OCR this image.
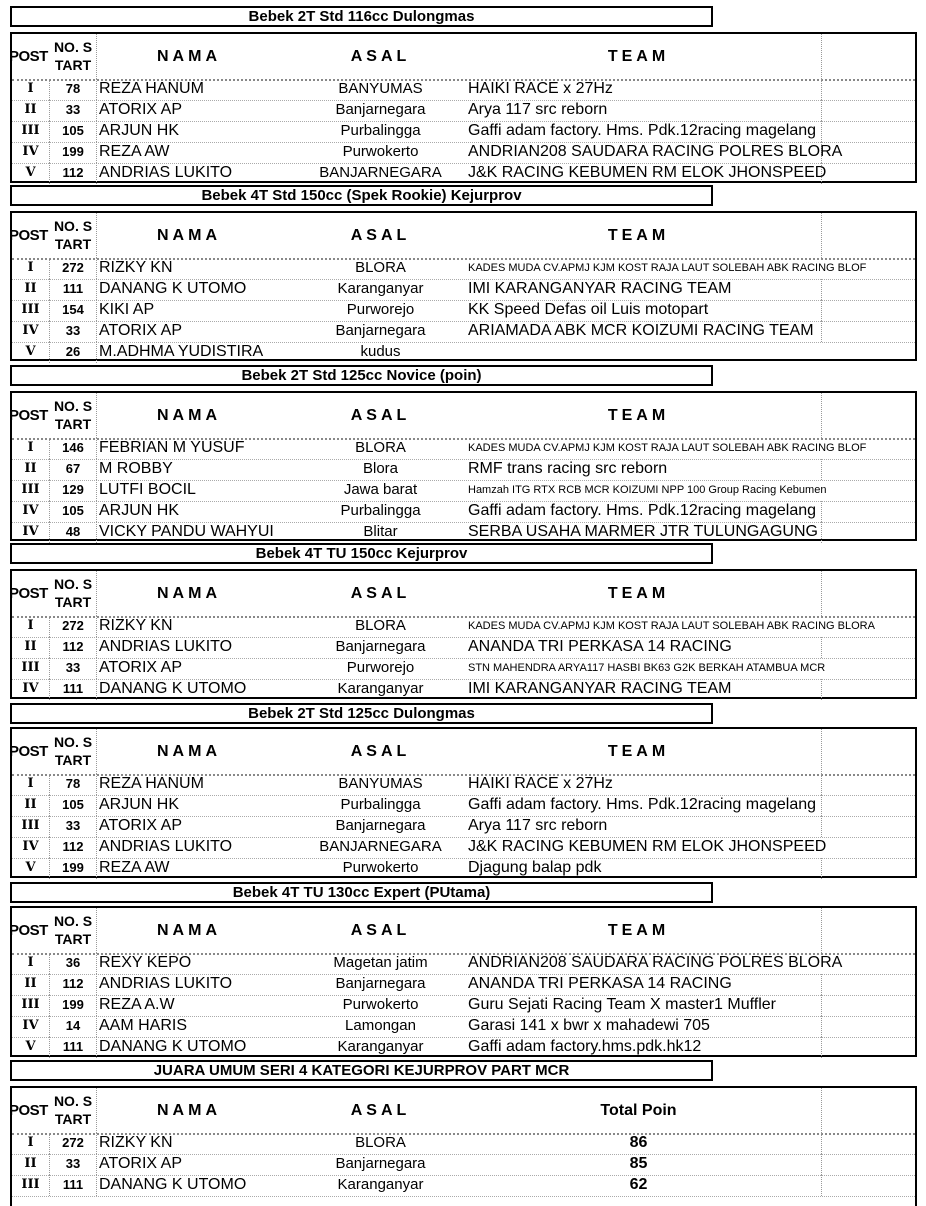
Bebek 2T Std 116cc Dulongmas
POST
NO. START	NAMA	ASAL	TEAM
I	78	REZA HANUM	BANYUMAS	HAIKI RACE x 27Hz
II	33	ATORIX AP	Banjarnegara	Arya 117 src reborn
III	105 ARJUN HK	Purbalingga	Gaffi adam factory. Hms. Pdk.12racing magelang
IV	199 REZA AW	Purwokerto	ANDRIAN208 SAUDARA RACING POLRES BLORA
V	112 ANDRIAS LUKITO	BANJARNEGARA	J&K RACING KEBUMEN RM ELOK JHONSPEED
Bebek 4T Std 150cc (Spek Rookie) Kejurprov
POST
NO. START	NAMA	ASAL	TEAM
I	272 RIZKY KN	BLORA	KADES MUDA CV.APMJ KJM KOST RAJA LAUT SOLEBAH ABK RACING BLOF
II	111 DANANG K UTOMO	Karanganyar	IMI KARANGANYAR RACING TEAM
III	154 KIKI AP	Purworejo	KK Speed Defas oil Luis motopart
IV	33	ATORIX AP	Banjarnegara	ARIAMADA ABK MCR KOIZUMI RACING TEAM
V	26	M.ADHMA YUDISTIRA	kudus
Bebek 2T Std 125cc Novice (poin)
POST
NO. START	NAMA	ASAL	TEAM
I	146 FEBRIAN M YUSUF	BLORA	KADES MUDA CV.APMJ KJM KOST RAJA LAUT SOLEBAH ABK RACING BLOF
II	67	M ROBBY	Blora	RMF trans racing src reborn
III	129 LUTFI BOCIL	Jawa barat	Hamzah ITG RTX RCB MCR KOIZUMI NPP 100 Group Racing Kebumen
IV	105 ARJUN HK	Purbalingga	Gaffi adam factory. Hms. Pdk.12racing magelang
IV	48	VICKY PANDU WAHYUI	Blitar	SERBA USAHA MARMER JTR TULUNGAGUNG
Bebek 4T TU 150cc Kejurprov
POST
NO. START	NAMA	ASAL	TEAM
I	272 RIZKY KN	BLORA	KADES MUDA CV.APMJ KJM KOST RAJA LAUT SOLEBAH ABK RACING BLORA
II	112 ANDRIAS LUKITO	Banjarnegara	ANANDA TRI PERKASA 14 RACING
III	33	ATORIX AP	Purworejo	STN MAHENDRA ARYA117 HASBI BK63 G2K BERKAH ATAMBUA MCR
IV	111 DANANG K UTOMO	Karanganyar	IMI KARANGANYAR RACING TEAM
Bebek 2T Std 125cc Dulongmas
POST
NO. START	NAMA	ASAL	TEAM
I	78	REZA HANUM	BANYUMAS	HAIKI RACE x 27Hz
II	105 ARJUN HK	Purbalingga	Gaffi adam factory. Hms. Pdk.12racing magelang
III	33	ATORIX AP	Banjarnegara	Arya 117 src reborn
IV	112 ANDRIAS LUKITO	BANJARNEGARA	J&K RACING KEBUMEN RM ELOK JHONSPEED
V	199 REZA AW	Purwokerto	Djagung balap pdk
Bebek 4T TU 130cc Expert (PUtama)
POST
NO. START	NAMA	ASAL	TEAM
I	36	REXY KEPO	Magetan jatim	ANDRIAN208 SAUDARA RACING POLRES BLORA
II	112 ANDRIAS LUKITO	Banjarnegara	ANANDA TRI PERKASA 14 RACING
III	199 REZA A.W	Purwokerto	Guru Sejati Racing Team X master1 Muffler
IV	14	AAM HARIS	Lamongan	Garasi 141 x bwr x mahadewi 705
V	111 DANANG K UTOMO	Karanganyar	Gaffi adam factory.hms.pdk.hk12
JUARA UMUM SERI 4 KATEGORI KEJURPROV PART MCR
POST
NO. START	NAMA	ASAL	Total Poin
I	272 RIZKY KN	BLORA	86
II	33	ATORIX AP	Banjarnegara	85
III	111 DANANG K UTOMO	Karanganyar	62
